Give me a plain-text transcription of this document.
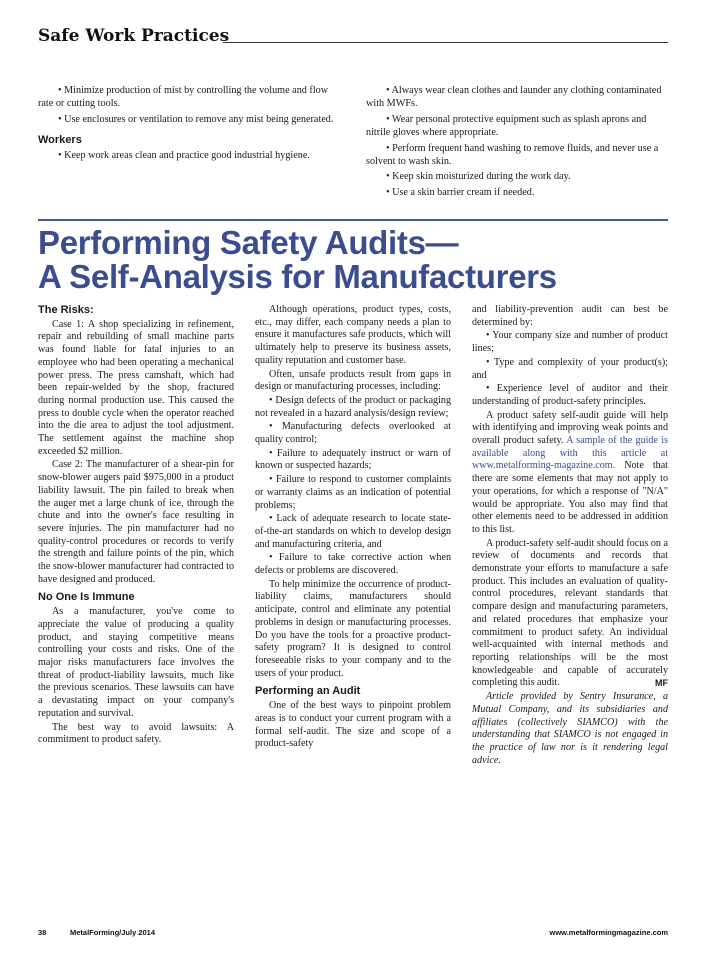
Safe Work Practices

• Minimize production of mist by controlling the volume and flow rate or cutting tools.

• Use enclosures or ventilation to remove any mist being generated.

Workers

• Keep work areas clean and practice good industrial hygiene.

• Always wear clean clothes and launder any clothing contaminated with MWFs.

• Wear personal protective equipment such as splash aprons and nitrile gloves where appropriate.

• Perform frequent hand washing to remove fluids, and never use a solvent to wash skin.

• Keep skin moisturized during the work day.

• Use a skin barrier cream if needed.

Performing Safety Audits—
A Self-Analysis for Manufacturers
The Risks:

Case 1: A shop specializing in refinement, repair and rebuilding of small machine parts was found liable for fatal injuries to an employee who had been operating a mechanical power press. The press camshaft, which had been repair-welded by the shop, fractured during normal production use. This caused the press to double cycle when the operator reached into the die area to adjust the tool adjustment. The settlement against the machine shop exceeded $2 million.

Case 2: The manufacturer of a shear-pin for snow-blower augers paid $975,000 in a product liability lawsuit. The pin failed to break when the auger met a large chunk of ice, through the chute and into the owner's face resulting in severe injuries. The pin manufacturer had no quality-control procedures or records to verify the strength and failure points of the pin, which the snow-blower manufacturer had contracted to have designed and produced.

No One Is Immune

As a manufacturer, you've come to appreciate the value of producing a quality product, and staying competitive means controlling your costs and risks. One of the major risks manufacturers face involves the threat of product-liability lawsuits, much like the previous scenarios. These lawsuits can have a devastating impact on your company's reputation and survival.

The best way to avoid lawsuits: A commitment to product safety.

Although operations, product types, costs, etc., may differ, each company needs a plan to ensure it manufactures safe products, which will ultimately help to preserve its business assets, quality reputation and customer base.

Often, unsafe products result from gaps in design or manufacturing processes, including:

• Design defects of the product or packaging not revealed in a hazard analysis/design review;

• Manufacturing defects overlooked at quality control;

• Failure to adequately instruct or warn of known or suspected hazards;

• Failure to respond to customer complaints or warranty claims as an indication of potential problems;

• Lack of adequate research to locate state-of-the-art standards on which to develop design and manufacturing criteria, and

• Failure to take corrective action when defects or problems are discovered.

To help minimize the occurrence of product-liability claims, manufacturers should anticipate, control and eliminate any potential problems in design or manufacturing processes. Do you have the tools for a proactive product-safety program? It is designed to control foreseeable risks to your company and to the users of your product.

Performing an Audit

One of the best ways to pinpoint problem areas is to conduct your current program with a formal self-audit. The size and scope of a product-safety

and liability-prevention audit can best be determined by:

• Your company size and number of product lines;

• Type and complexity of your product(s); and

• Experience level of auditor and their understanding of product-safety principles.

A product safety self-audit guide will help with identifying and improving weak points and overall product safety. A sample of the guide is available along with this article at www.metalforming-magazine.com. Note that there are some elements that may not apply to your operations, for which a response of "N/A" would be appropriate. You also may find that other elements need to be addressed in addition to this list.

A product-safety self-audit should focus on a review of documents and records that demonstrate your efforts to manufacture a safe product. This includes an evaluation of quality-control procedures, relevant standards that compare design and manufacturing parameters, and related procedures that emphasize your commitment to product safety. An individual well-acquainted with internal methods and reporting relationships will be the most knowledgeable and capable of accurately completing this audit.	MF

Article provided by Sentry Insurance, a Mutual Company, and its subsidiaries and affiliates (collectively SIAMCO) with the understanding that SIAMCO is not engaged in the practice of law nor is it rendering legal advice.

38	MetalForming/July 2014	www.metalformingmagazine.com
